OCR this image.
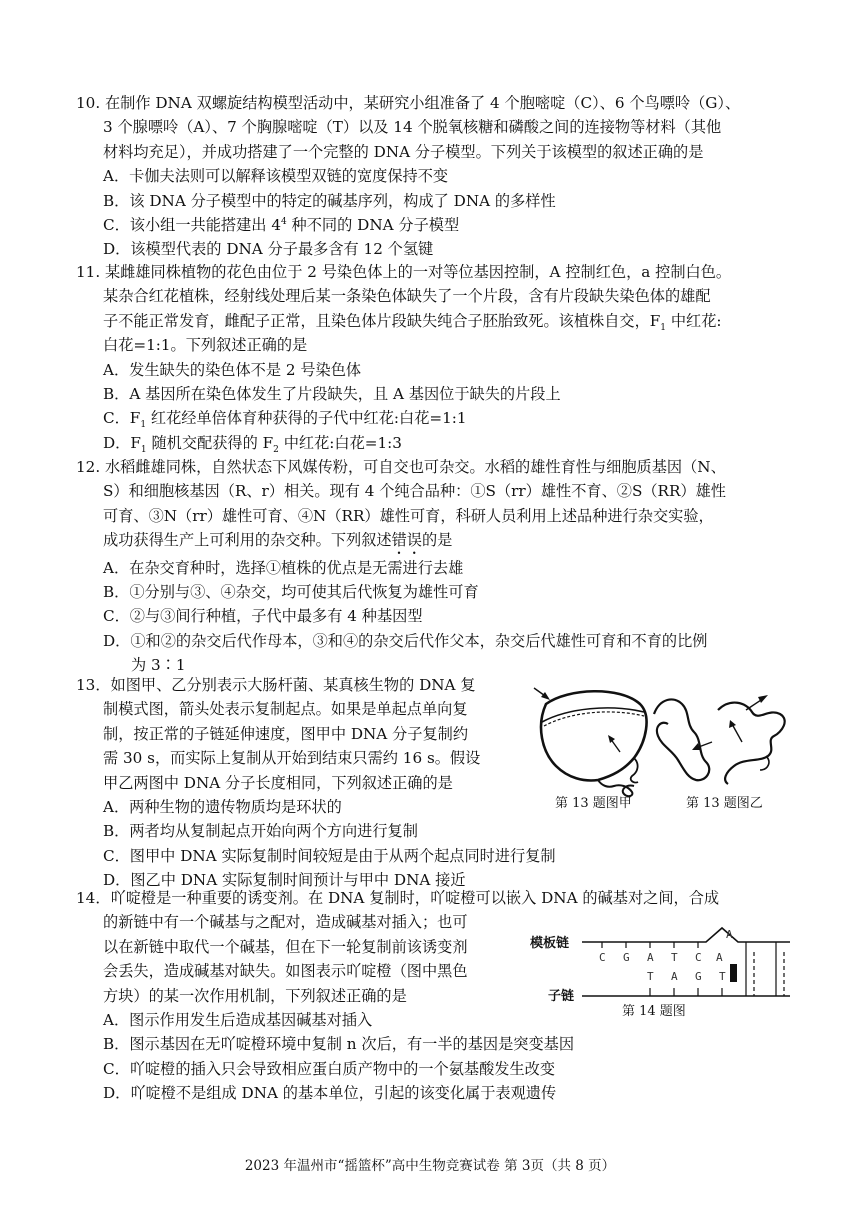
10. 在制作 DNA 双螺旋结构模型活动中，某研究小组准备了 4 个胞嘧啶（C）、6 个鸟嘌呤（G）、
3 个腺嘌呤（A）、7 个胸腺嘧啶（T）以及 14 个脱氧核糖和磷酸之间的连接物等材料（其他
材料均充足），并成功搭建了一个完整的 DNA 分子模型。下列关于该模型的叙述正确的是
A．卡伽夫法则可以解释该模型双链的宽度保持不变
B．该 DNA 分子模型中的特定的碱基序列，构成了 DNA 的多样性
C．该小组一共能搭建出 $4^4$ 种不同的 DNA 分子模型
D．该模型代表的 DNA 分子最多含有 12 个氢键
11. 某雌雄同株植物的花色由位于 2 号染色体上的一对等位基因控制，A 控制红色，a 控制白色。
某杂合红花植株，经射线处理后某一条染色体缺失了一个片段，含有片段缺失染色体的雄配
子不能正常发育，雌配子正常，且染色体片段缺失纯合子胚胎致死。该植株自交，$F_1$ 中红花:
白花=1:1。下列叙述正确的是
A．发生缺失的染色体不是 2 号染色体
B．A 基因所在染色体发生了片段缺失，且 A 基因位于缺失的片段上
C．$F_1$ 红花经单倍体育种获得的子代中红花:白花=1:1
D．$F_1$ 随机交配获得的 $F_2$ 中红花:白花=1:3
12. 水稻雌雄同株，自然状态下风媒传粉，可自交也可杂交。水稻的雄性育性与细胞质基因（N、
S）和细胞核基因（R、r）相关。现有 4 个纯合品种：①S（rr）雄性不育、②S（RR）雄性
可育、③N（rr）雄性可育、④N（RR）雄性可育，科研人员利用上述品种进行杂交实验，
成功获得生产上可利用的杂交种。下列叙述错误的是
A．在杂交育种时，选择①植株的优点是无需进行去雄
B．①分别与③、④杂交，均可使其后代恢复为雄性可育
C．②与③间行种植，子代中最多有 4 种基因型
D．①和②的杂交后代作母本，③和④的杂交后代作父本，杂交后代雄性可育和不育的比例
为 3∶1
13．如图甲、乙分别表示大肠杆菌、某真核生物的 DNA 复
制模式图，箭头处表示复制起点。如果是单起点单向复
制，按正常的子链延伸速度，图甲中 DNA 分子复制约
需 30 s，而实际上复制从开始到结束只需约 16 s。假设
甲乙两图中 DNA 分子长度相同，下列叙述正确的是
A．两种生物的遗传物质均是环状的
B．两者均从复制起点开始向两个方向进行复制
C．图甲中 DNA 实际复制时间较短是由于从两个起点同时进行复制
D．图乙中 DNA 实际复制时间预计与甲中 DNA 接近
第 13 题图甲	第 13 题图乙
14．吖啶橙是一种重要的诱变剂。在 DNA 复制时，吖啶橙可以嵌入 DNA 的碱基对之间，合成
的新链中有一个碱基与之配对，造成碱基对插入；也可
以在新链中取代一个碱基，但在下一轮复制前该诱变剂
会丢失，造成碱基对缺失。如图表示吖啶橙（图中黑色
方块）的某一次作用机制，下列叙述正确的是
A．图示作用发生后造成基因碱基对插入
B．图示基因在无吖啶橙环境中复制 n 次后，有一半的基因是突变基因
C．吖啶橙的插入只会导致相应蛋白质产物中的一个氨基酸发生改变
D．吖啶橙不是组成 DNA 的基本单位，引起的该变化属于表观遗传
模板链
子链
C G A T C A
A
T A G T
第 14 题图
2023 年温州市“摇篮杯”高中生物竞赛试卷 第 3页（共 8 页）
